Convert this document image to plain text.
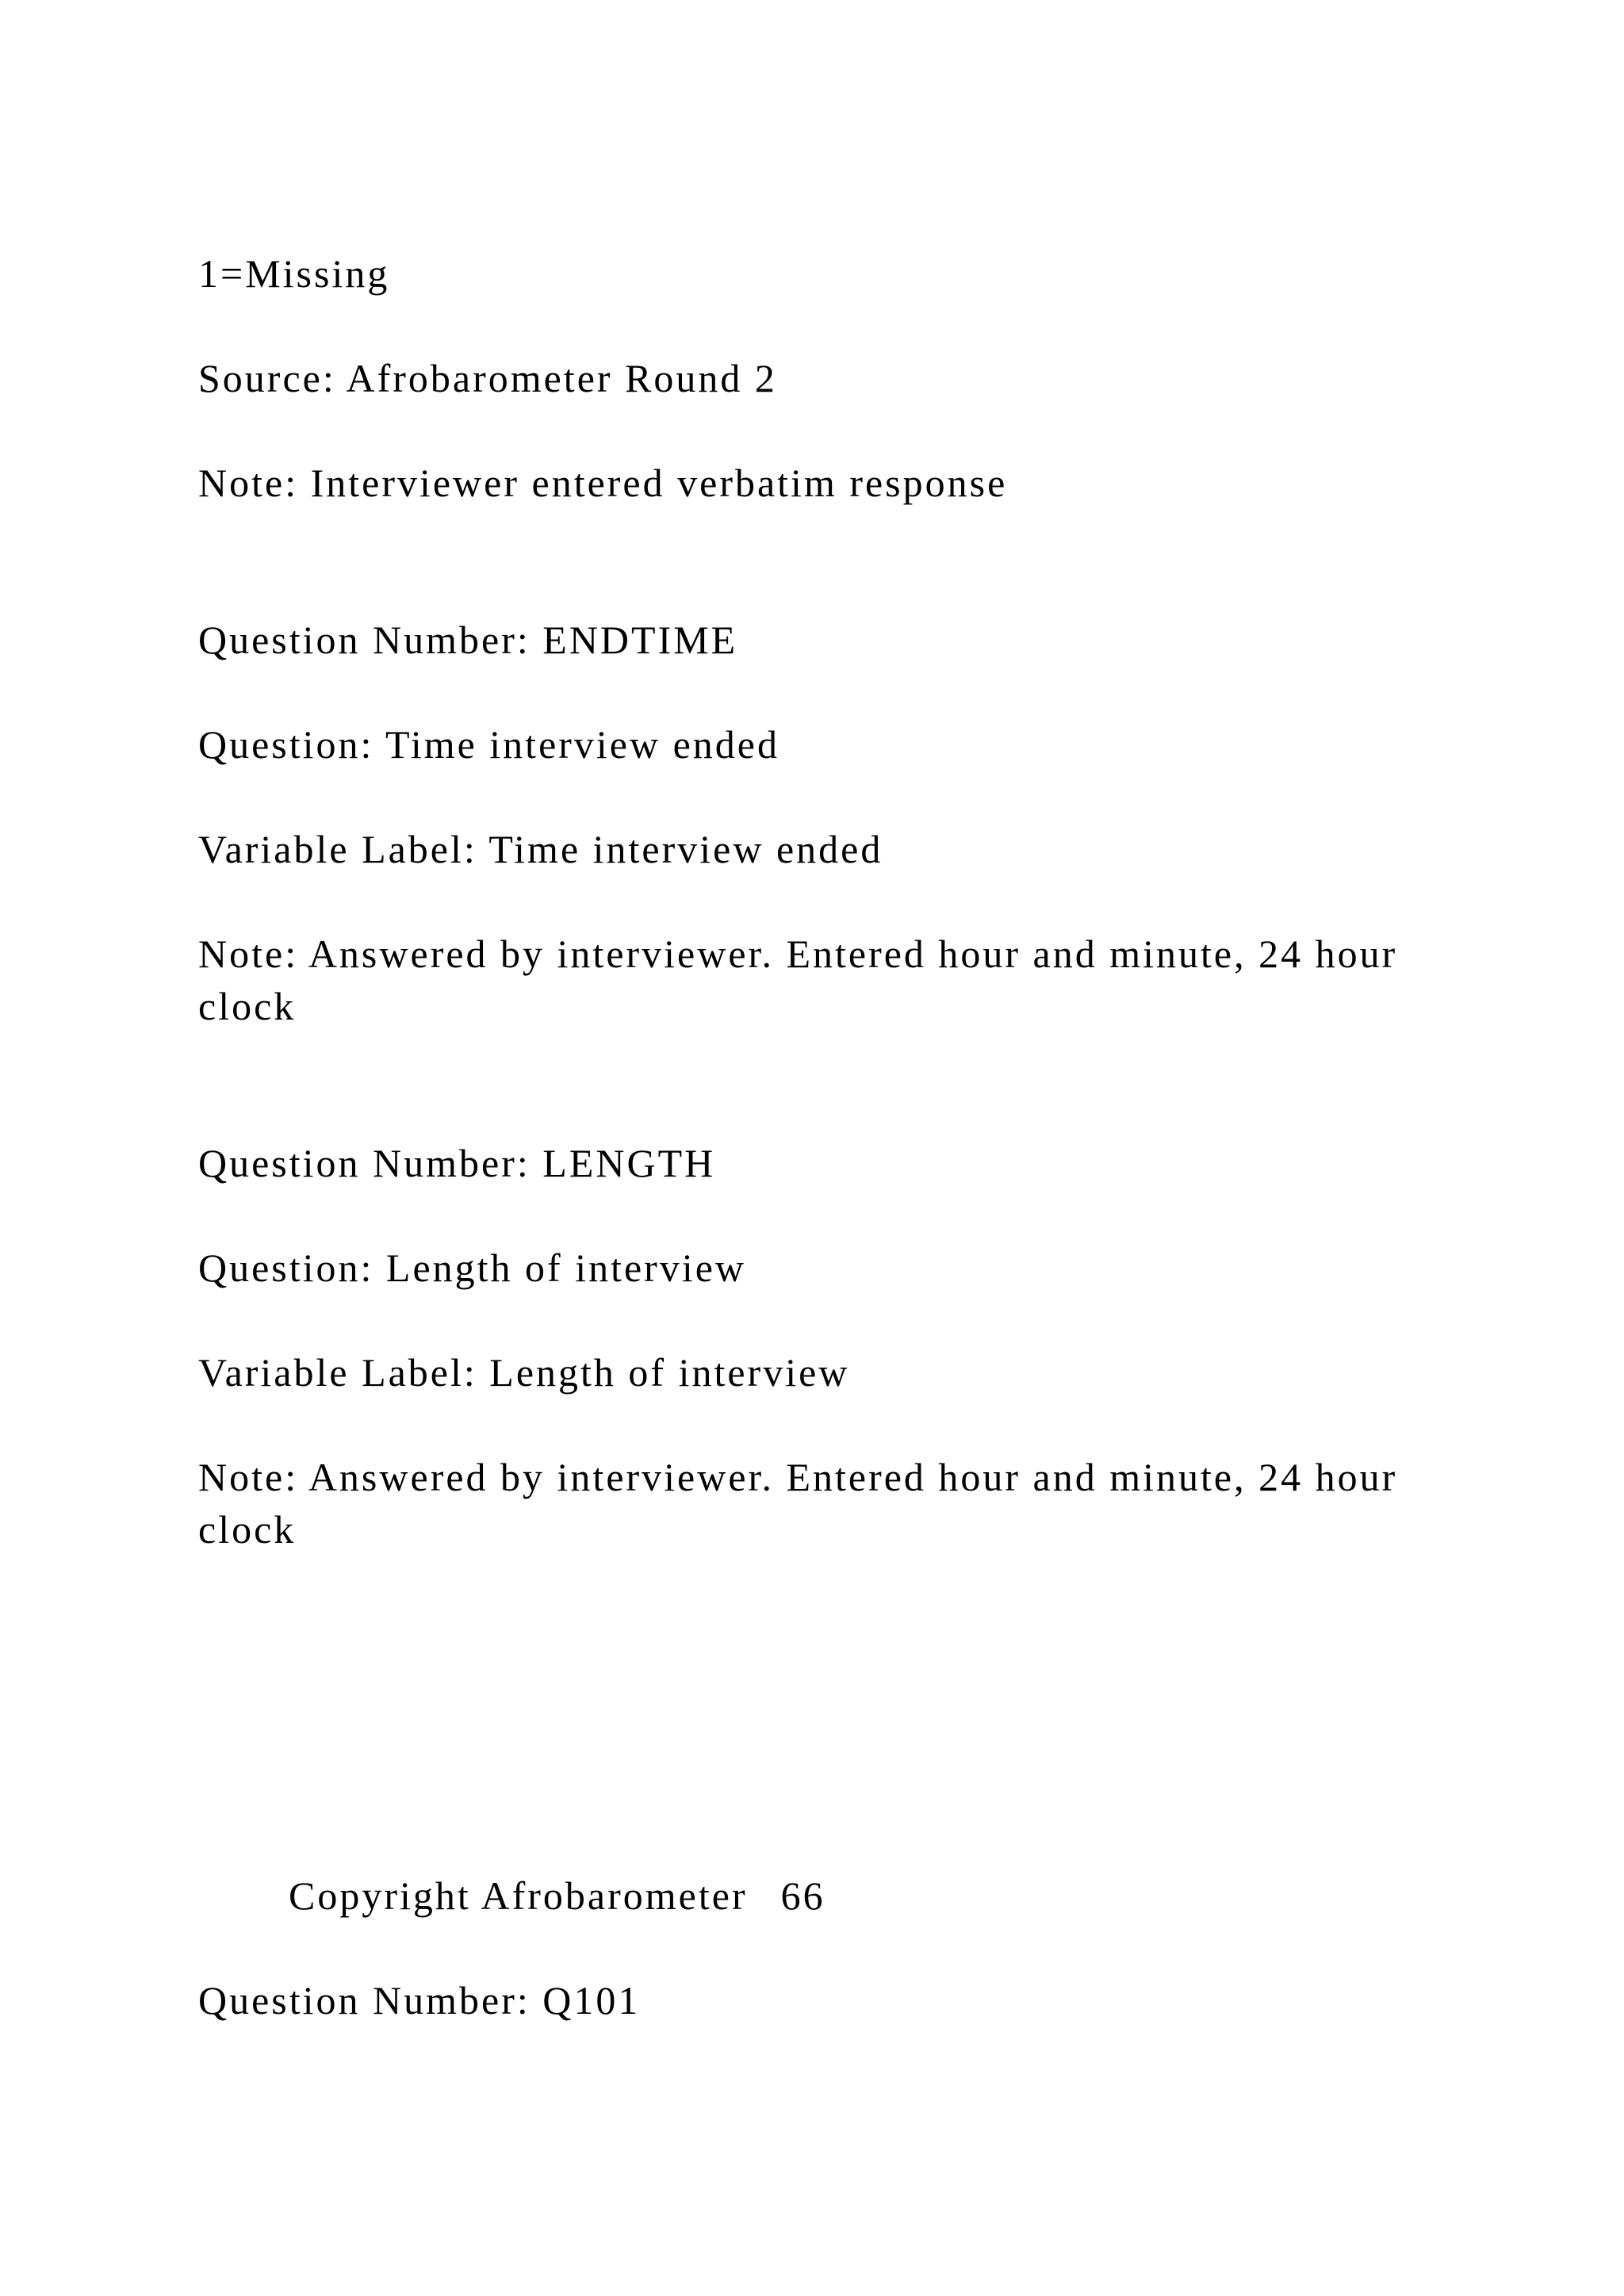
1=Missing
Source: Afrobarometer Round 2
Note: Interviewer entered verbatim response
Question Number: ENDTIME
Question: Time interview ended
Variable Label: Time interview ended
Note: Answered by interviewer. Entered hour and minute, 24 hour clock
Question Number: LENGTH
Question: Length of interview
Variable Label: Length of interview
Note: Answered by interviewer. Entered hour and minute, 24 hour clock
Copyright Afrobarometer 66
Question Number: Q101
